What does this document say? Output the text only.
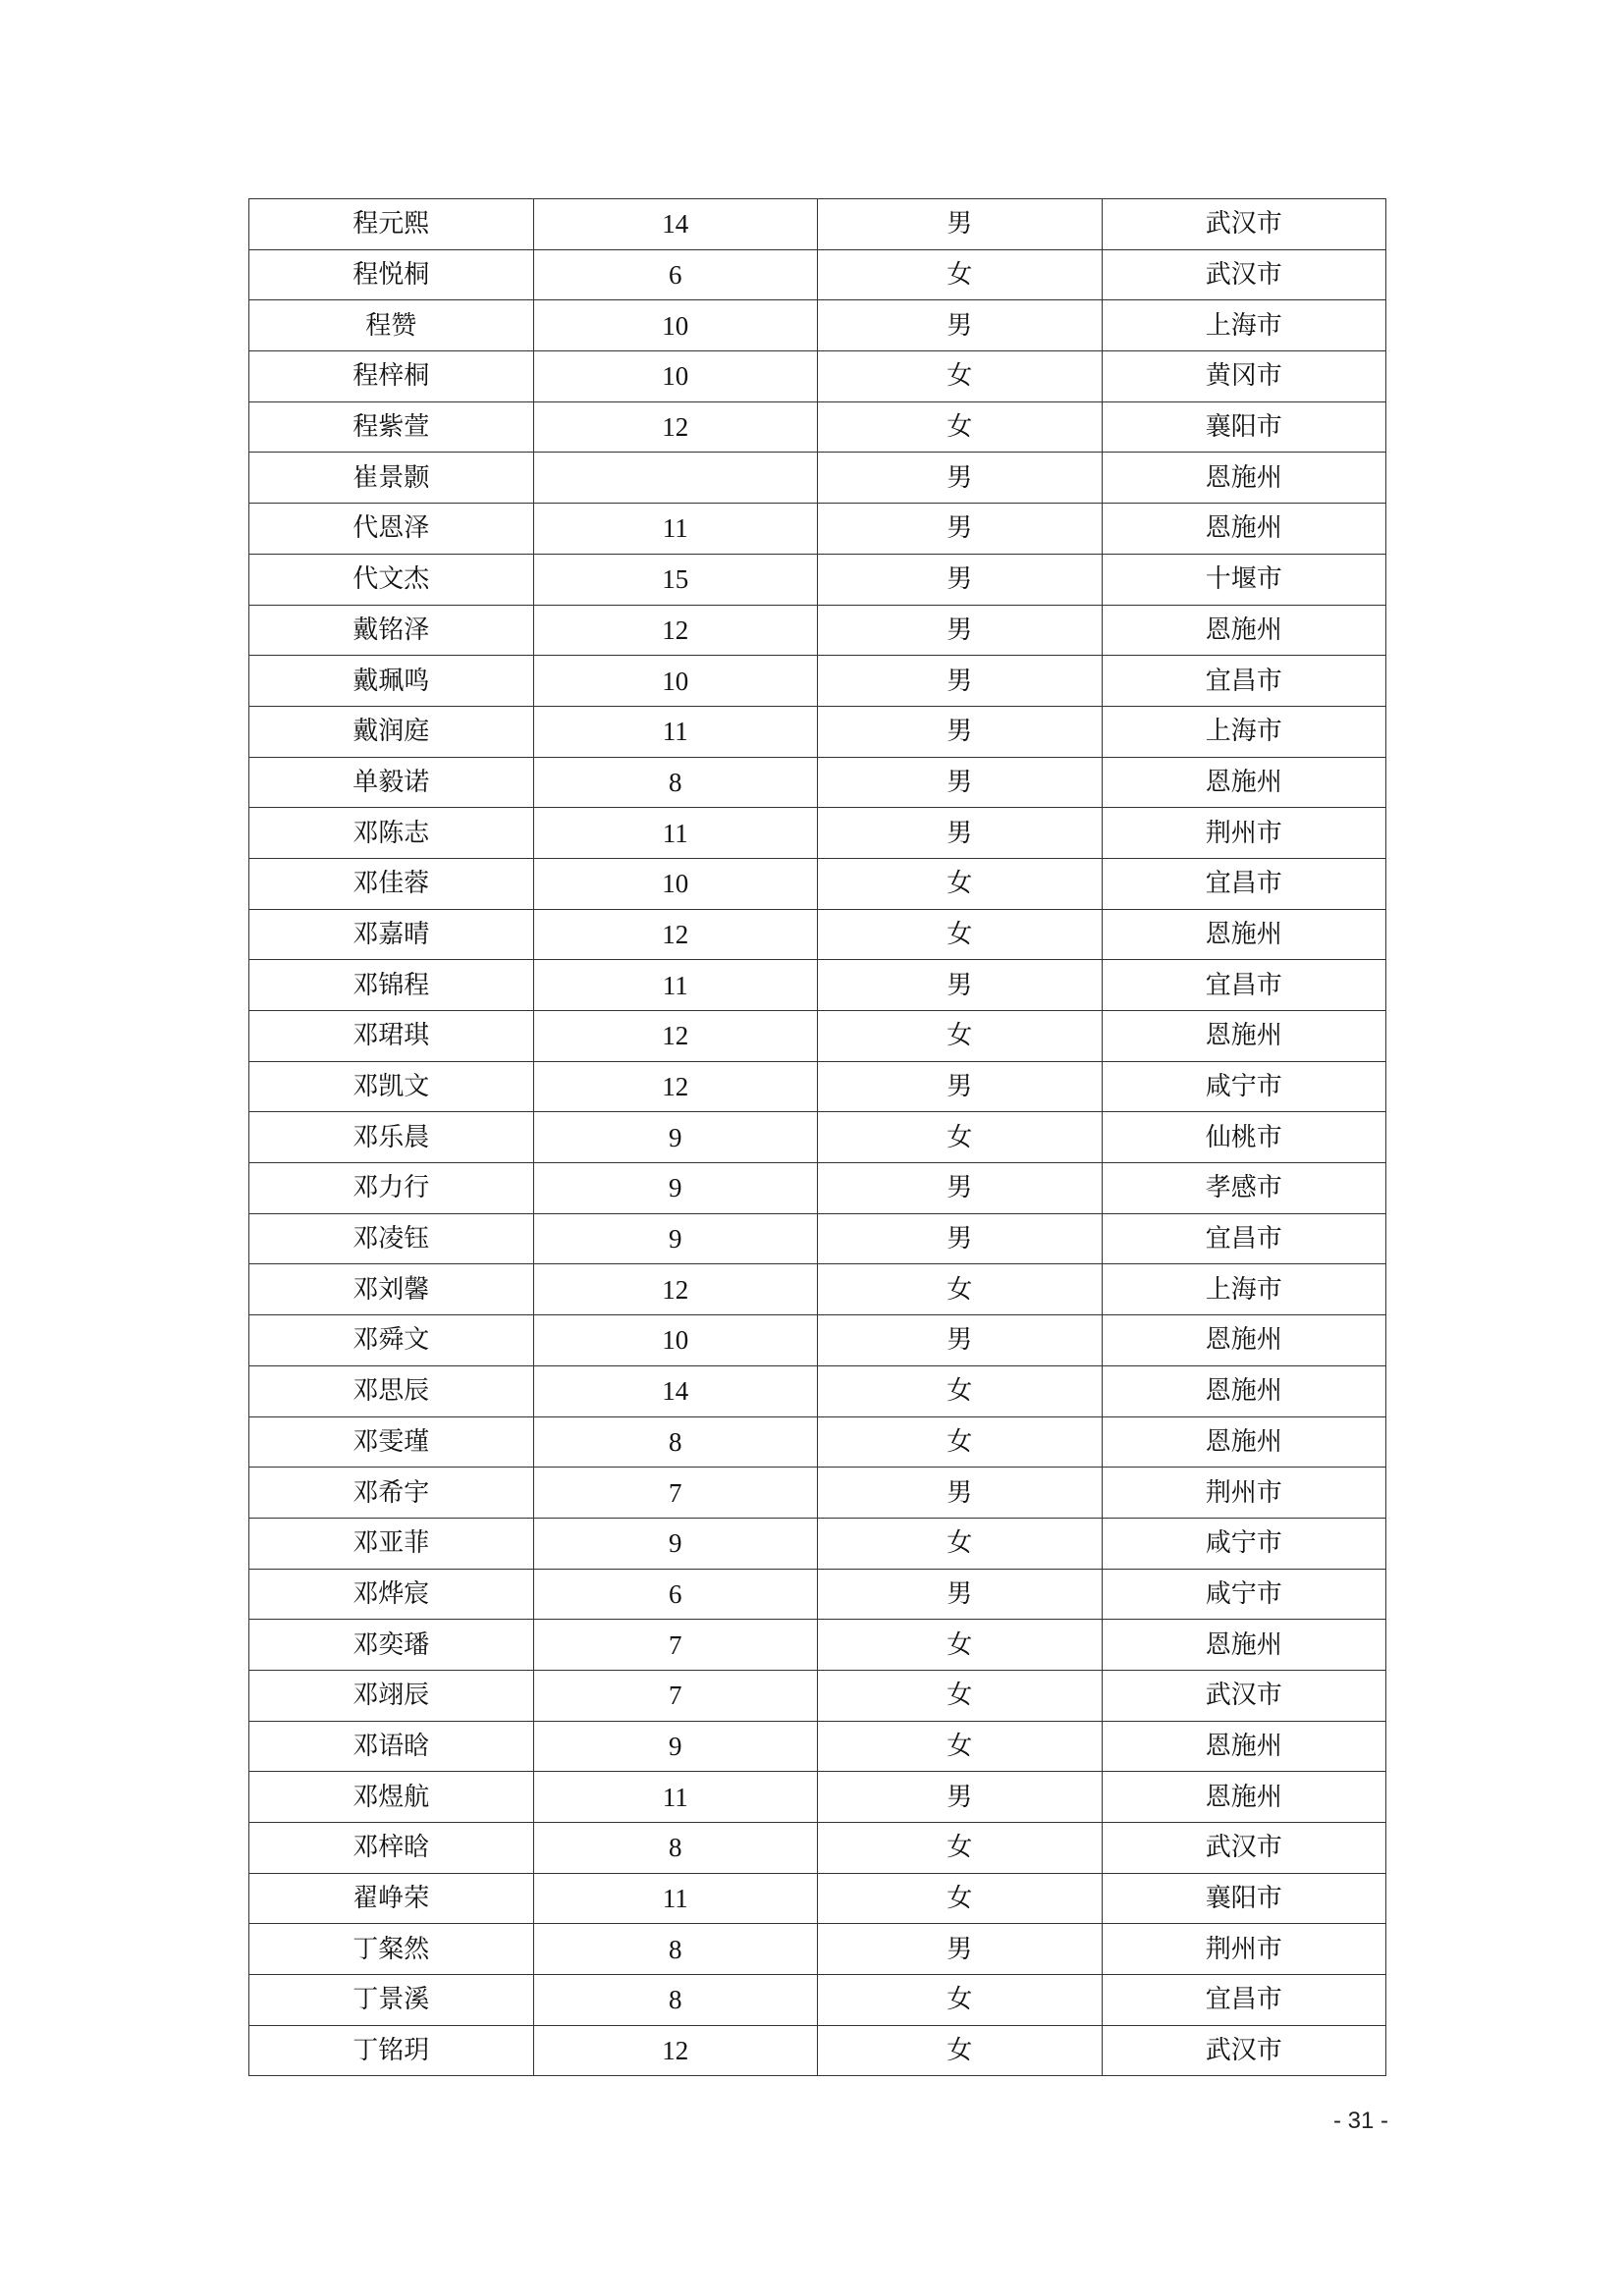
程元熙	14	男	武汉市
程悦桐	6	女	武汉市
程赞	10	男	上海市
程梓桐	10	女	黄冈市
程紫萱	12	女	襄阳市
崔景颢		男	恩施州
代恩泽	11	男	恩施州
代文杰	15	男	十堰市
戴铭泽	12	男	恩施州
戴珮鸣	10	男	宜昌市
戴润庭	11	男	上海市
单毅诺	8	男	恩施州
邓陈志	11	男	荆州市
邓佳蓉	10	女	宜昌市
邓嘉晴	12	女	恩施州
邓锦程	11	男	宜昌市
邓珺琪	12	女	恩施州
邓凯文	12	男	咸宁市
邓乐晨	9	女	仙桃市
邓力行	9	男	孝感市
邓凌钰	9	男	宜昌市
邓刘馨	12	女	上海市
邓舜文	10	男	恩施州
邓思辰	14	女	恩施州
邓雯瑾	8	女	恩施州
邓希宇	7	男	荆州市
邓亚菲	9	女	咸宁市
邓烨宸	6	男	咸宁市
邓奕璠	7	女	恩施州
邓翊辰	7	女	武汉市
邓语晗	9	女	恩施州
邓煜航	11	男	恩施州
邓梓晗	8	女	武汉市
翟峥荣	11	女	襄阳市
丁粲然	8	男	荆州市
丁景溪	8	女	宜昌市
丁铭玥	12	女	武汉市
- 31 -
